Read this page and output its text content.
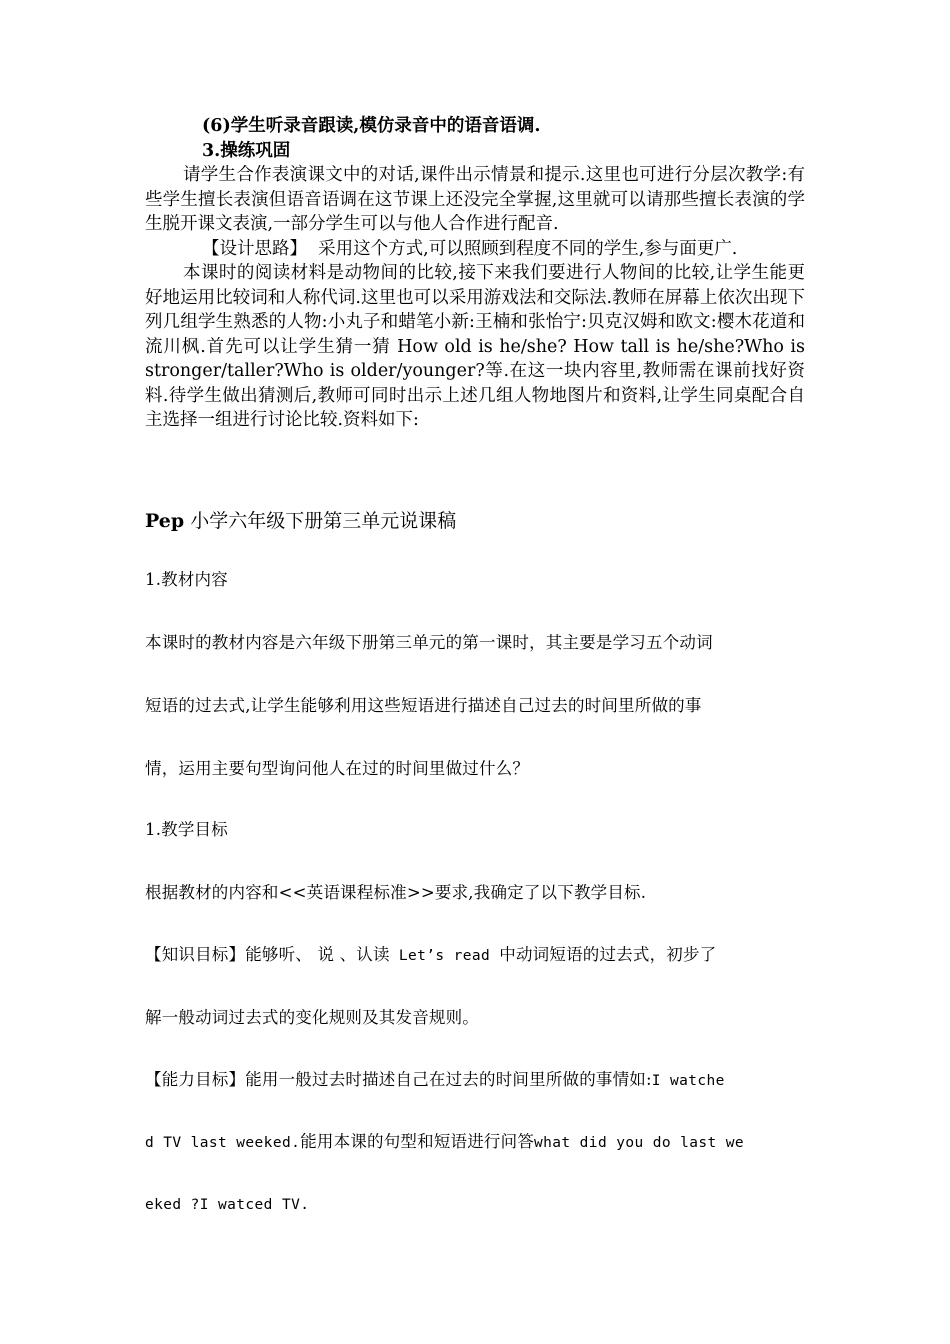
(6)学生听录音跟读,模仿录音中的语音语调.

3.操练巩固

请学生合作表演课文中的对话,课件出示情景和提示.这里也可进行分层次教学:有些学生擅长表演但语音语调在这节课上还没完全掌握,这里就可以请那些擅长表演的学生脱开课文表演,一部分学生可以与他人合作进行配音.

【设计思路】 采用这个方式,可以照顾到程度不同的学生,参与面更广.

本课时的阅读材料是动物间的比较,接下来我们要进行人物间的比较,让学生能更好地运用比较词和人称代词.这里也可以采用游戏法和交际法.教师在屏幕上依次出现下列几组学生熟悉的人物:小丸子和蜡笔小新:王楠和张怡宁:贝克汉姆和欧文:樱木花道和流川枫.首先可以让学生猜一猜 How old is he/she? How tall is he/she?Who is stronger/taller?Who is older/younger?等.在这一块内容里,教师需在课前找好资料.待学生做出猜测后,教师可同时出示上述几组人物地图片和资料,让学生同桌配合自主选择一组进行讨论比较.资料如下:

Pep 小学六年级下册第三单元说课稿
1.教材内容
本课时的教材内容是六年级下册第三单元的第一课时，其主要是学习五个动词
短语的过去式,让学生能够利用这些短语进行描述自己过去的时间里所做的事
情，运用主要句型询问他人在过的时间里做过什么？
1.教学目标
根据教材的内容和<<英语课程标准>>要求,我确定了以下教学目标.
【知识目标】能够听、 说 、认读 Let’s read 中动词短语的过去式，初步了
解一般动词过去式的变化规则及其发音规则。
【能力目标】能用一般过去时描述自己在过去的时间里所做的事情如:I watche
d TV last weeked.能用本课的句型和短语进行问答what did you do last we
eked ?I watced TV.
